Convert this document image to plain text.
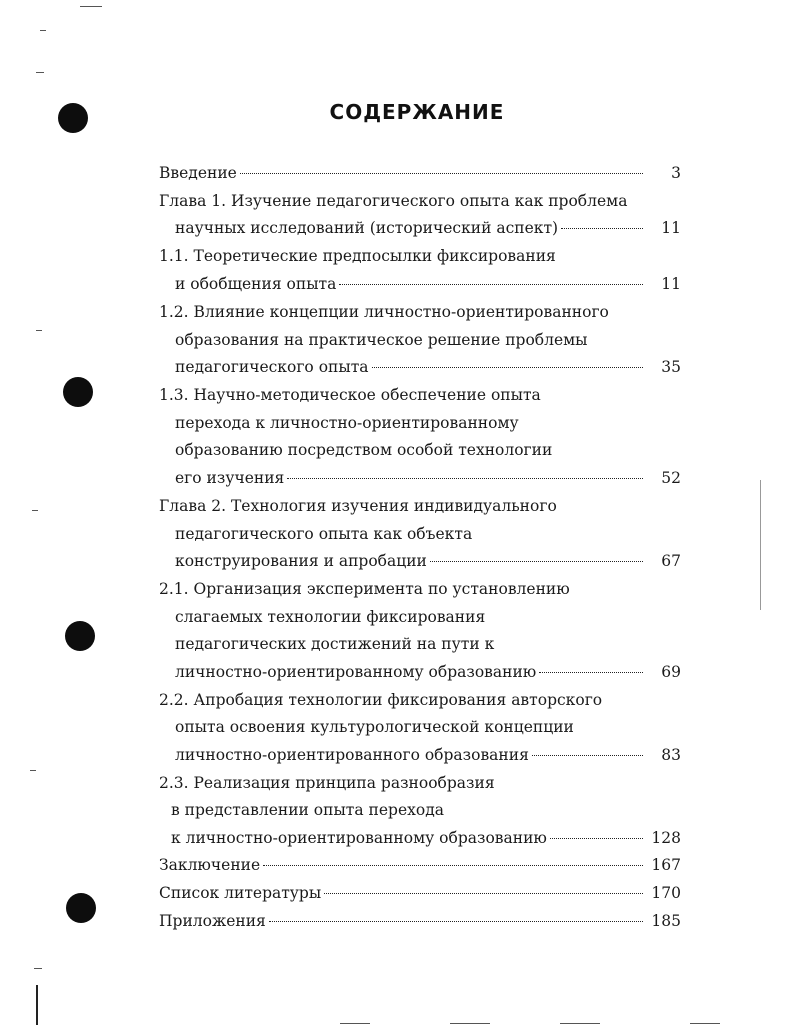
СОДЕРЖАНИЕ
Введение	3
Глава 1. Изучение педагогического опыта как проблема
научных исследований (исторический аспект)	11
1.1. Теоретические предпосылки фиксирования
и обобщения опыта	11
1.2. Влияние концепции личностно-ориентированного
образования на практическое решение проблемы
педагогического опыта	35
1.3. Научно-методическое обеспечение опыта
перехода к личностно-ориентированному
образованию посредством особой технологии
его изучения	52
Глава 2. Технология изучения индивидуального
педагогического опыта как объекта
конструирования и апробации	67
2.1. Организация эксперимента по установлению
слагаемых технологии фиксирования
педагогических достижений на пути к
личностно-ориентированному образованию	69
2.2. Апробация технологии фиксирования авторского
опыта освоения культурологической концепции
личностно-ориентированного образования	83
2.3. Реализация принципа разнообразия
в представлении опыта перехода
к личностно-ориентированному образованию	128
Заключение	167
Список литературы	170
Приложения	185
